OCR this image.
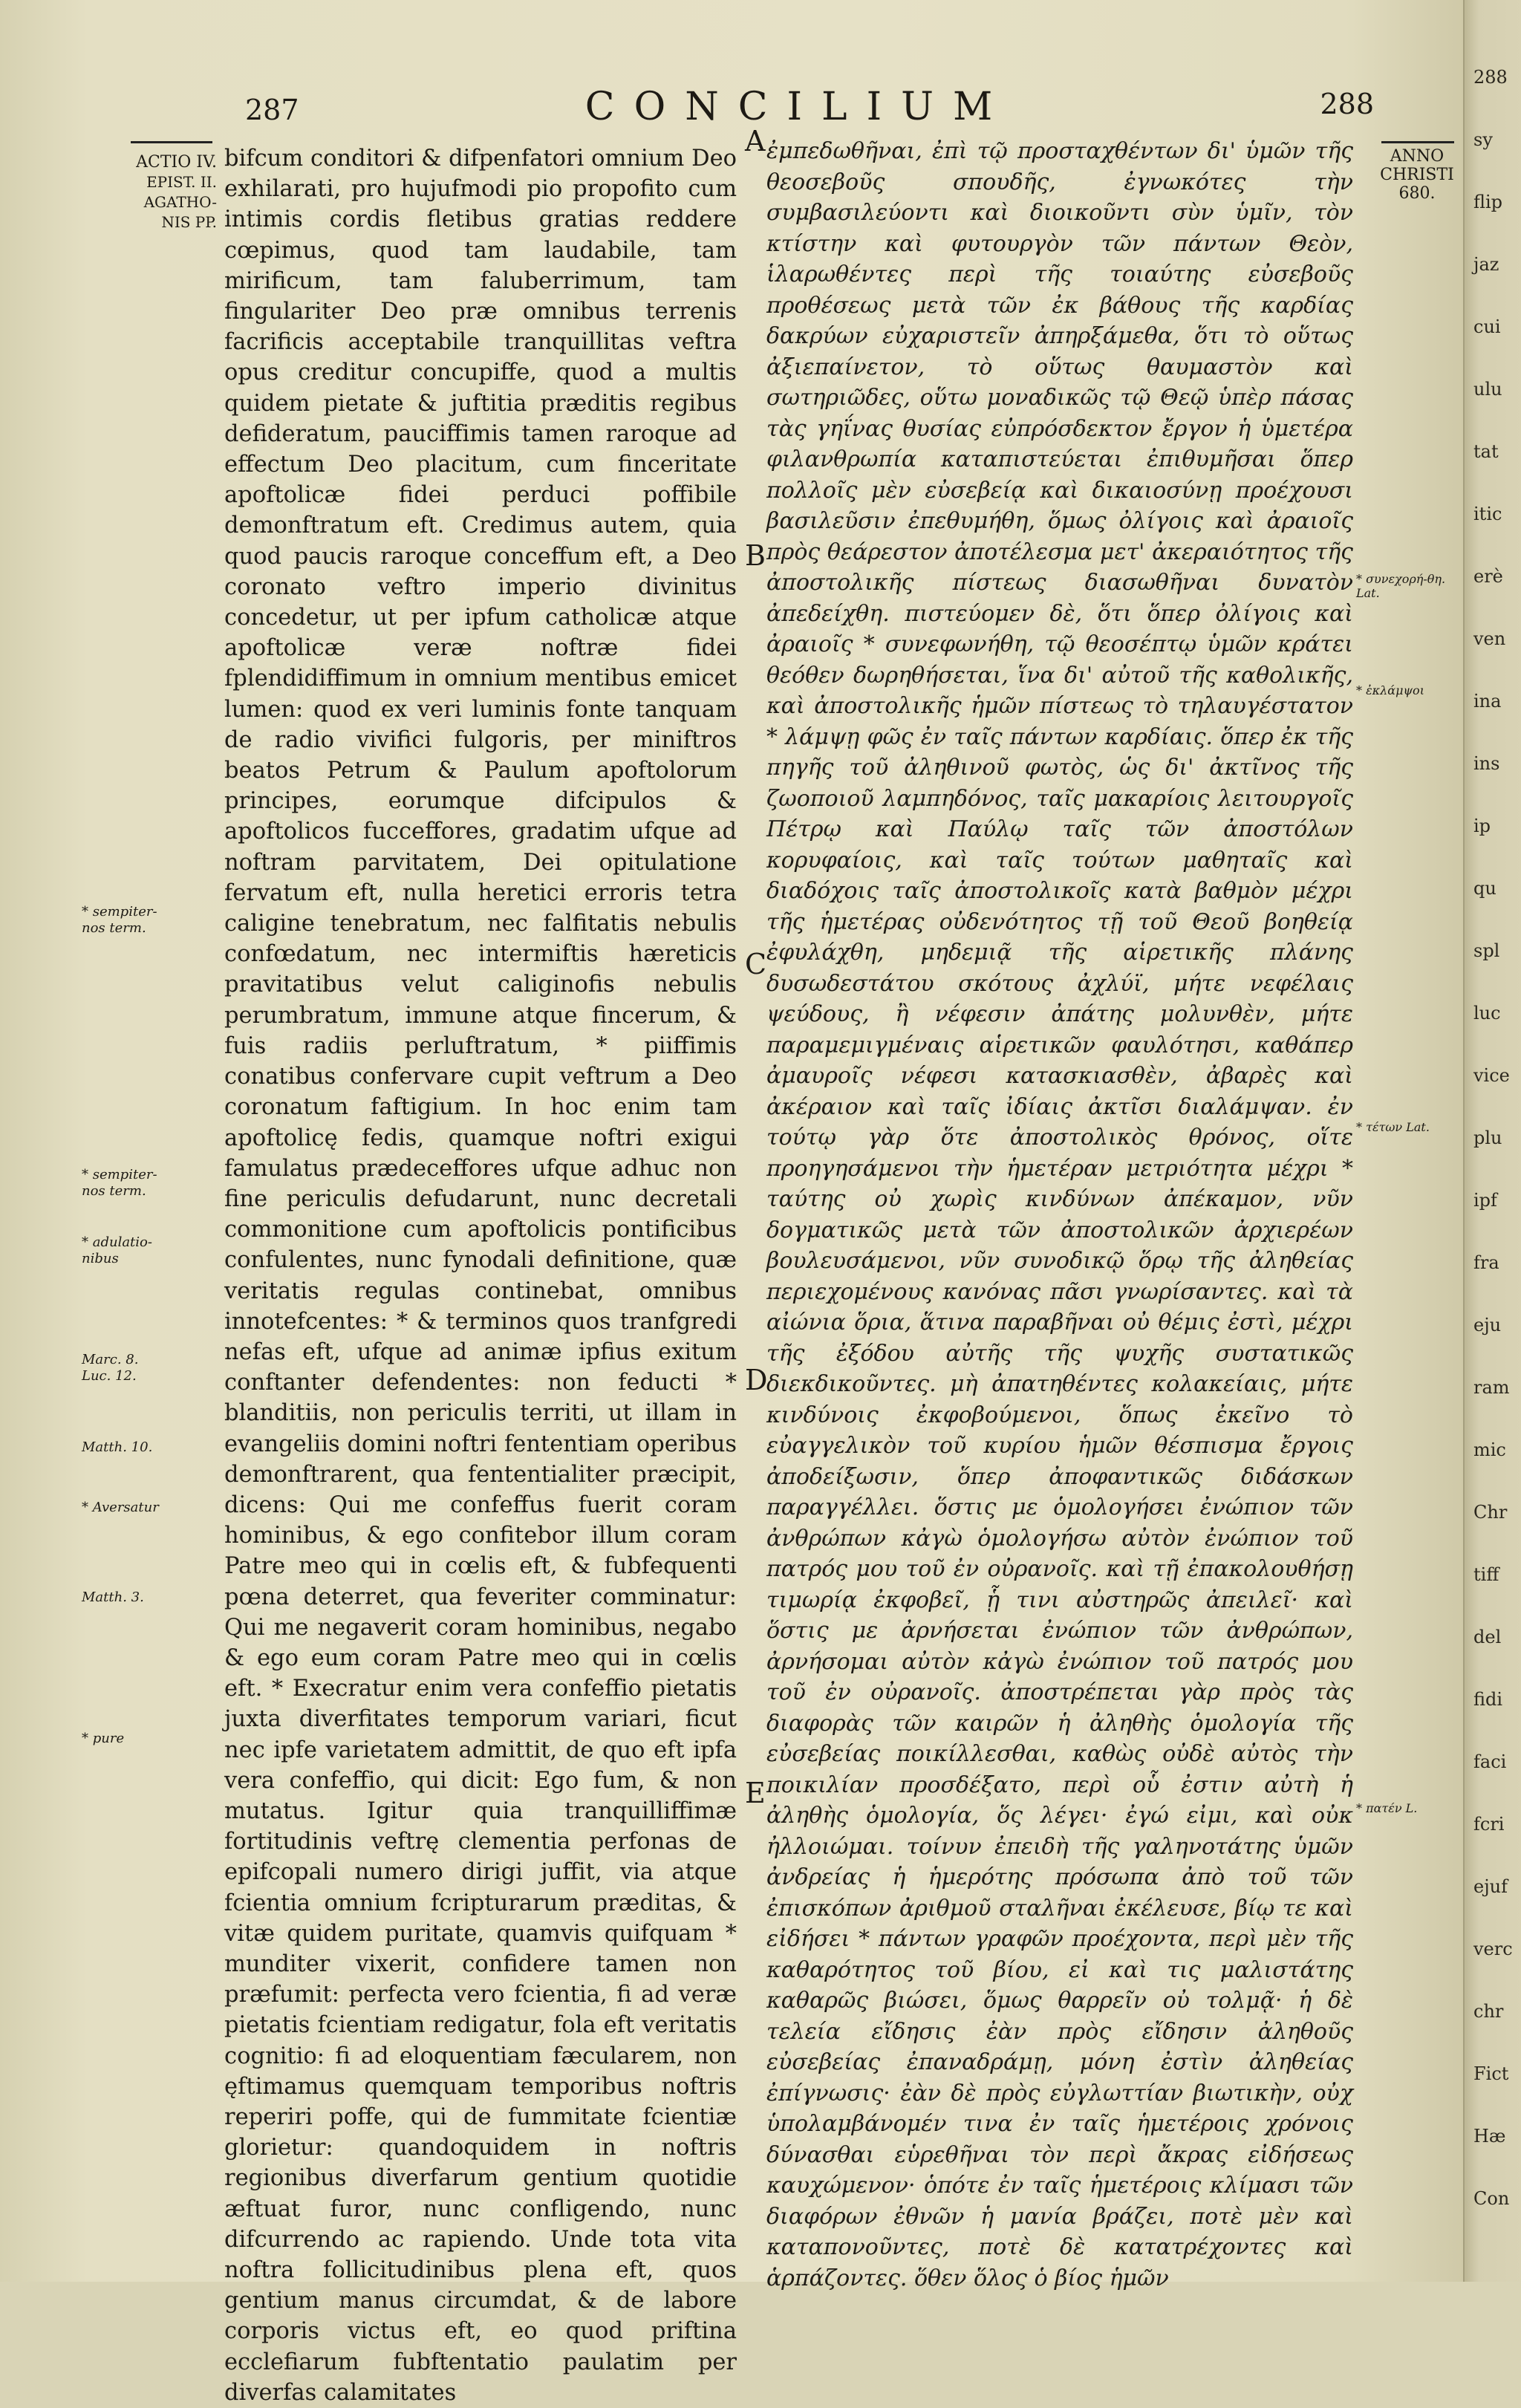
287	CONCILIUM	288
ACTIO IV.
EPIST. II.
AGATHO-
NIS PP.
* sempiter-
nos term.
* sempiter-
nos term.
* adulatio-
nibus
Marc. 8.
Luc. 12.
Matth. 10.
* Aversatur
Matth. 3.
* pure

bifcum conditori & difpenfatori omnium Deo exhilarati, pro hujufmodi pio propofito cum intimis cordis fletibus gratias reddere cœpimus, quod tam laudabile, tam mirificum, tam faluberrimum, tam fingulariter Deo præ omnibus terrenis facrificis acceptabile tranquillitas veftra opus creditur concupiffe, quod a multis quidem pietate & juftitia præditis regibus defideratum, pauciffimis tamen raroque ad effectum Deo placitum, cum finceritate apoftolicæ fidei perduci poffibile demonftratum eft. Credimus autem, quia quod paucis raroque conceffum eft, a Deo coronato veftro imperio divinitus concedetur, ut per ipfum catholicæ atque apoftolicæ veræ noftræ fidei fplendidiffimum in omnium mentibus emicet lumen: quod ex veri luminis fonte tanquam de radio vivifici fulgoris, per miniftros beatos Petrum & Paulum apoftolorum principes, eorumque difcipulos & apoftolicos fucceffores, gradatim ufque ad noftram parvitatem, Dei opitulatione fervatum eft, nulla heretici erroris tetra caligine tenebratum, nec falfitatis nebulis confœdatum, nec intermiftis hæreticis pravitatibus velut caliginofis nebulis perumbratum, immune atque fincerum, & fuis radiis perluftratum, * piiffimis conatibus confervare cupit veftrum a Deo coronatum faftigium. In hoc enim tam apoftolicę fedis, quamque noftri exigui famulatus prædeceffores ufque adhuc non fine periculis defudarunt, nunc decretali commonitione cum apoftolicis pontificibus confulentes, nunc fynodali definitione, quæ veritatis regulas continebat, omnibus innotefcentes: * & terminos quos tranfgredi nefas eft, ufque ad animæ ipfius exitum conftanter defendentes: non feducti * blanditiis, non periculis territi, ut illam in evangeliis domini noftri fententiam operibus demonftrarent, qua fententialiter præcipit, dicens: Qui me confeffus fuerit coram hominibus, & ego confitebor illum coram Patre meo qui in cœlis eft, & fubfequenti pœna deterret, qua feveriter comminatur: Qui me negaverit coram hominibus, negabo & ego eum coram Patre meo qui in cœlis eft. * Execratur enim vera confeffio pietatis juxta diverfitates temporum variari, ficut nec ipfe varietatem admittit, de quo eft ipfa vera confeffio, qui dicit: Ego fum, & non mutatus. Igitur quia tranquilliffimæ fortitudinis veftrę clementia perfonas de epifcopali numero dirigi juffit, via atque fcientia omnium fcripturarum præditas, & vitæ quidem puritate, quamvis quifquam * munditer vixerit, confidere tamen non præfumit: perfecta vero fcientia, fi ad veræ pietatis fcientiam redigatur, fola eft veritatis cognitio: fi ad eloquentiam fæcularem, non ęftimamus quemquam temporibus noftris reperiri poffe, qui de fummitate fcientiæ glorietur: quandoquidem in noftris regionibus diverfarum gentium quotidie æftuat furor, nunc confligendo, nunc difcurrendo ac rapiendo. Unde tota vita noftra follicitudinibus plena eft, quos gentium manus circumdat, & de labore corporis victus eft, eo quod priftina ecclefiarum fubftentatio paulatim per diverfas calamitates

A
B
C
D
E

ἐμπεδωθῆναι, ἐπὶ τῷ προσταχθέντων δι' ὑμῶν τῆς θεοσεβοῦς σπουδῆς, ἐγνωκότες τὴν συμβασιλεύοντι καὶ διοικοῦντι σὺν ὑμῖν, τὸν κτίστην καὶ φυτουργὸν τῶν πάντων Θεὸν, ἱλαρωθέντες περὶ τῆς τοιαύτης εὐσεβοῦς προθέσεως μετὰ τῶν ἐκ βάθους τῆς καρδίας δακρύων εὐχαριστεῖν ἀπηρξάμεθα, ὅτι τὸ οὕτως ἀξιεπαίνετον, τὸ οὕτως θαυμαστὸν καὶ σωτηριῶδες, οὕτω μοναδικῶς τῷ Θεῷ ὑπὲρ πάσας τὰς γηΐνας θυσίας εὐπρόσδεκτον ἔργον ἡ ὑμετέρα φιλανθρωπία καταπιστεύεται ἐπιθυμῆσαι ὅπερ πολλοῖς μὲν εὐσεβείᾳ καὶ δικαιοσύνῃ προέχουσι βασιλεῦσιν ἐπεθυμήθη, ὅμως ὀλίγοις καὶ ἀραιοῖς πρὸς θεάρεστον ἀποτέλεσμα μετ' ἀκεραιότητος τῆς ἀποστολικῆς πίστεως διασωθῆναι δυνατὸν ἀπεδείχθη. πιστεύομεν δὲ, ὅτι ὅπερ ὀλίγοις καὶ ἀραιοῖς * συνεφωνήθη, τῷ θεοσέπτῳ ὑμῶν κράτει θεόθεν δωρηθήσεται, ἵνα δι' αὐτοῦ τῆς καθολικῆς, καὶ ἀποστολικῆς ἡμῶν πίστεως τὸ τηλαυγέστατον * λάμψῃ φῶς ἐν ταῖς πάντων καρδίαις. ὅπερ ἐκ τῆς πηγῆς τοῦ ἀληθινοῦ φωτὸς, ὡς δι' ἀκτῖνος τῆς ζωοποιοῦ λαμπηδόνος, ταῖς μακαρίοις λειτουργοῖς Πέτρῳ καὶ Παύλῳ ταῖς τῶν ἀποστόλων κορυφαίοις, καὶ ταῖς τούτων μαθηταῖς καὶ διαδόχοις ταῖς ἀποστολικοῖς κατὰ βαθμὸν μέχρι τῆς ἡμετέρας οὐδενότητος τῇ τοῦ Θεοῦ βοηθείᾳ ἐφυλάχθη, μηδεμιᾷ τῆς αἱρετικῆς πλάνης δυσωδεστάτου σκότους ἀχλύϊ, μήτε νεφέλαις ψεύδους, ἢ νέφεσιν ἀπάτης μολυνθὲν, μήτε παραμεμιγμέναις αἱρετικῶν φαυλότησι, καθάπερ ἀμαυροῖς νέφεσι κατασκιασθὲν, ἀβαρὲς καὶ ἀκέραιον καὶ ταῖς ἰδίαις ἀκτῖσι διαλάμψαν. ἐν τούτῳ γὰρ ὅτε ἀποστολικὸς θρόνος, οἵτε προηγησάμενοι τὴν ἡμετέραν μετριότητα μέχρι * ταύτης οὐ χωρὶς κινδύνων ἀπέκαμον, νῦν δογματικῶς μετὰ τῶν ἀποστολικῶν ἀρχιερέων βουλευσάμενοι, νῦν συνοδικῷ ὅρῳ τῆς ἀληθείας περιεχομένους κανόνας πᾶσι γνωρίσαντες. καὶ τὰ αἰώνια ὅρια, ἅτινα παραβῆναι οὐ θέμις ἐστὶ, μέχρι τῆς ἐξόδου αὐτῆς τῆς ψυχῆς συστατικῶς διεκδικοῦντες. μὴ ἀπατηθέντες κολακείαις, μήτε κινδύνοις ἐκφοβούμενοι, ὅπως ἐκεῖνο τὸ εὐαγγελικὸν τοῦ κυρίου ἡμῶν θέσπισμα ἔργοις ἀποδείξωσιν, ὅπερ ἀποφαντικῶς διδάσκων παραγγέλλει. ὅστις με ὁμολογήσει ἐνώπιον τῶν ἀνθρώπων κἀγὼ ὁμολογήσω αὐτὸν ἐνώπιον τοῦ πατρός μου τοῦ ἐν οὐρανοῖς. καὶ τῇ ἐπακολουθήσῃ τιμωρίᾳ ἐκφοβεῖ, ᾗ τινι αὐστηρῶς ἀπειλεῖ· καὶ ὅστις με ἀρνήσεται ἐνώπιον τῶν ἀνθρώπων, ἀρνήσομαι αὐτὸν κἀγὼ ἐνώπιον τοῦ πατρός μου τοῦ ἐν οὐρανοῖς. ἀποστρέπεται γὰρ πρὸς τὰς διαφορὰς τῶν καιρῶν ἡ ἀληθὴς ὁμολογία τῆς εὐσεβείας ποικίλλεσθαι, καθὼς οὐδὲ αὐτὸς τὴν ποικιλίαν προσδέξατο, περὶ οὗ ἐστιν αὐτὴ ἡ ἀληθὴς ὁμολογία, ὅς λέγει· ἐγώ εἰμι, καὶ οὐκ ἠλλοιώμαι. τοίνυν ἐπειδὴ τῆς γαληνοτάτης ὑμῶν ἀνδρείας ἡ ἡμερότης πρόσωπα ἀπὸ τοῦ τῶν ἐπισκόπων ἀριθμοῦ σταλῆναι ἐκέλευσε, βίῳ τε καὶ εἰδήσει * πάντων γραφῶν προέχοντα, περὶ μὲν τῆς καθαρότητος τοῦ βίου, εἰ καὶ τις μαλιστάτης καθαρῶς βιώσει, ὅμως θαρρεῖν οὐ τολμᾷ· ἡ δὲ τελεία εἴδησις ἐὰν πρὸς εἴδησιν ἀληθοῦς εὐσεβείας ἐπαναδράμῃ, μόνη ἐστὶν ἀληθείας ἐπίγνωσις· ἐὰν δὲ πρὸς εὐγλωττίαν βιωτικὴν, οὐχ ὑπολαμβάνομέν τινα ἐν ταῖς ἡμετέροις χρόνοις δύνασθαι εὑρεθῆναι τὸν περὶ ἄκρας εἰδήσεως καυχώμενον· ὁπότε ἐν ταῖς ἡμετέροις κλίμασι τῶν διαφόρων ἐθνῶν ἡ μανία βράζει, ποτὲ μὲν καὶ καταπονοῦντες, ποτὲ δὲ κατατρέχοντες καὶ ἁρπάζοντες. ὅθεν ὅλος ὁ βίος ἡμῶν

ANNO
CHRISTI
680.
* συνεχορή-θη. Lat.
* ἐκλάμψοι
* τέτων Lat.
* πατέν L.
288
sy
flip
jaz
cui
ulu
tat
itic
erè
ven
ina
ins
ip
qu
spl
luc
vice
plu
ipf
fra
eju
ram
mic
Chr
tiff
del
fidi
faci
fcri
ejuf
verc
chr
Fict
Hæ
Con
